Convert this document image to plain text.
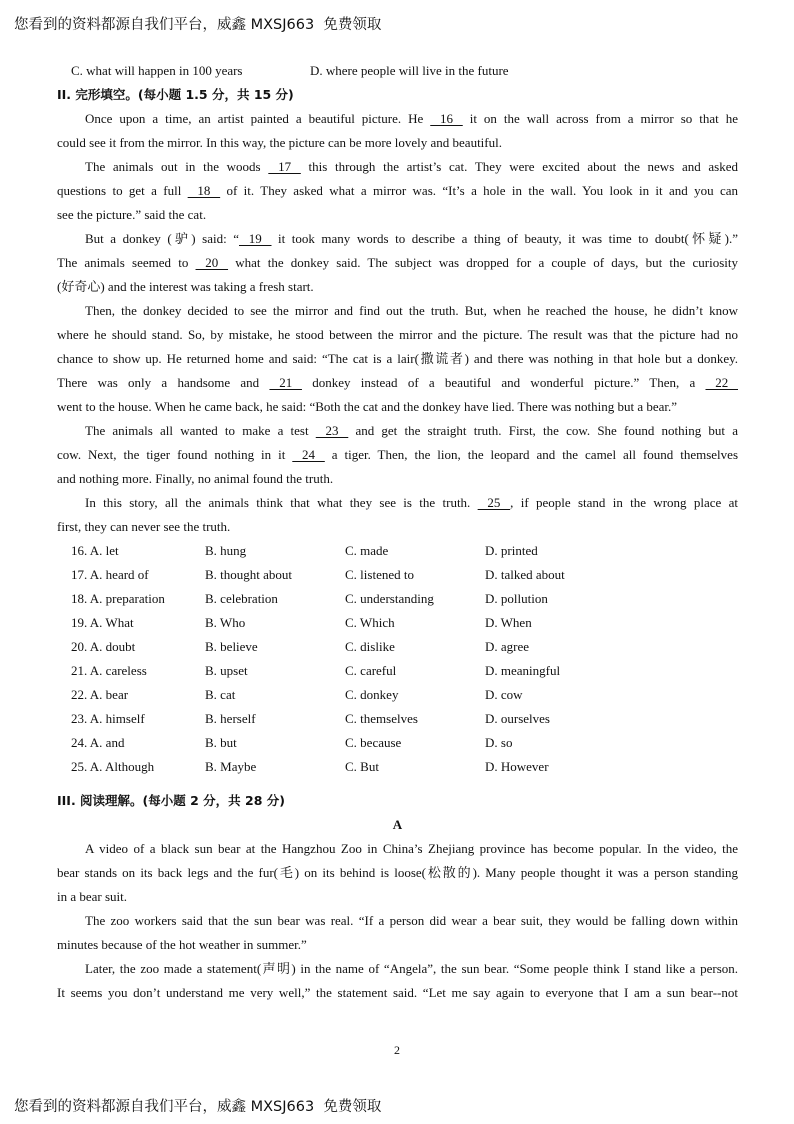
您看到的资料都源自我们平台，威鑫 MXSJ663  免费领取
C. what will happen in 100 years	D. where people will live in the future
II. 完形填空。(每小题 1.5 分，共 15 分)
Once upon a time, an artist painted a beautiful picture. He    16    it on the wall across from a mirror so that he
could see it from the mirror. In this way, the picture can be more lovely and beautiful.
The animals out in the woods    17    this through the artist’s cat. They were excited about the news and asked
questions to get a full    18    of it. They asked what a mirror was. “It’s a hole in the wall. You look in it and you can
see the picture.” said the cat.
But a donkey (驴) said: “   19    it took many words to describe a thing of beauty, it was time to doubt(怀疑).”
The animals seemed to    20    what the donkey said. The subject was dropped for a couple of days, but the curiosity
(好奇心) and the interest was taking a fresh start.
Then, the donkey decided to see the mirror and find out the truth. But, when he reached the house, he didn’t know
where he should stand. So, by mistake, he stood between the mirror and the picture. The result was that the picture had no
chance to show up. He returned home and said: “The cat is a lair(撒谎者) and there was nothing in that hole but a donkey.
There was only a handsome and    21    donkey instead of a beautiful and wonderful picture.” Then, a    22
went to the house. When he came back, he said: “Both the cat and the donkey have lied. There was nothing but a bear.”
The animals all wanted to make a test    23    and get the straight truth. First, the cow. She found nothing but a
cow. Next, the tiger found nothing in it    24    a tiger. Then, the lion, the leopard and the camel all found themselves
and nothing more. Finally, no animal found the truth.
In this story, all the animals think that what they see is the truth.    25   , if people stand in the wrong place at
first, they can never see the truth.
16. A. let	B. hung	C. made	D. printed
17. A. heard of	B. thought about	C. listened to	D. talked about
18. A. preparation	B. celebration	C. understanding	D. pollution
19. A. What	B. Who	C. Which	D. When
20. A. doubt	B. believe	C. dislike	D. agree
21. A. careless	B. upset	C. careful	D. meaningful
22. A. bear	B. cat	C. donkey	D. cow
23. A. himself	B. herself	C. themselves	D. ourselves
24. A. and	B. but	C. because	D. so
25. A. Although	B. Maybe	C. But	D. However
III. 阅读理解。(每小题 2 分，共 28 分)
A
A video of a black sun bear at the Hangzhou Zoo in China’s Zhejiang province has become popular. In the video, the
bear stands on its back legs and the fur(毛) on its behind is loose(松散的). Many people thought it was a person standing
in a bear suit.
The zoo workers said that the sun bear was real. “If a person did wear a bear suit, they would be falling down within
minutes because of the hot weather in summer.”
Later, the zoo made a statement(声明) in the name of “Angela”, the sun bear. “Some people think I stand like a person.
It seems you don’t understand me very well,” the statement said. “Let me say again to everyone that I am a sun bear--not
2
您看到的资料都源自我们平台，威鑫 MXSJ663  免费领取
